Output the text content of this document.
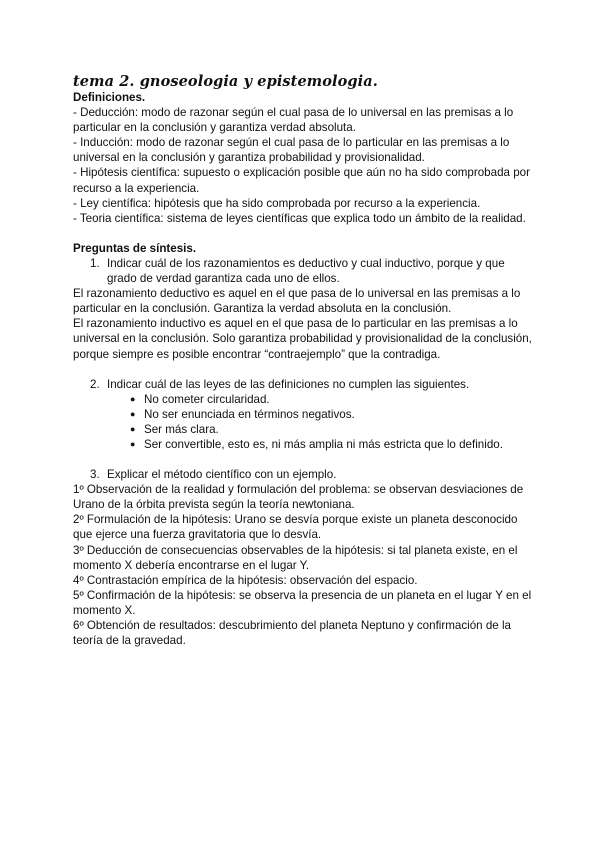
tema 2. gnoseologia y epistemologia.

Definiciones.

- Deducción: modo de razonar según el cual pasa de lo universal en las premisas a lo particular en la conclusión y garantiza verdad absoluta.

- Inducción: modo de razonar según el cual pasa de lo particular en las premisas a lo universal en la conclusión y garantiza probabilidad y provisionalidad.

- Hipótesis científica: supuesto o explicación posible que aún no ha sido comprobada por recurso a la experiencia.

- Ley científica: hipótesis que ha sido comprobada por recurso a la experiencia.

- Teoria científica: sistema de leyes científicas que explica todo un ámbito de la realidad.

Preguntas de síntesis.

1. Indicar cuál de los razonamientos es deductivo y cual inductivo, porque y que grado de verdad garantiza cada uno de ellos.

El razonamiento deductivo es aquel en el que pasa de lo universal en las premisas a lo particular en la conclusión. Garantiza la verdad absoluta en la conclusión.

El razonamiento inductivo es aquel en el que pasa de lo particular en las premisas a lo universal en la conclusión. Solo garantiza probabilidad y provisionalidad de la conclusión, porque siempre es posible encontrar “contraejemplo” que la contradiga.

2. Indicar cuál de las leyes de las definiciones no cumplen las siguientes.
● No cometer circularidad.
● No ser enunciada en términos negativos.
● Ser más clara.
● Ser convertible, esto es, ni más amplia ni más estricta que lo definido.
3. Explicar el método científico con un ejemplo.

1º Observación de la realidad y formulación del problema: se observan desviaciones de Urano de la órbita prevista según la teoría newtoniana.

2º Formulación de la hipótesis: Urano se desvía porque existe un planeta desconocido que ejerce una fuerza gravitatoria que lo desvía.

3º Deducción de consecuencias observables de la hipótesis: si tal planeta existe, en el momento X debería encontrarse en el lugar Y.

4º Contrastación empírica de la hipótesis: observación del espacio.

5º Confirmación de la hipótesis: se observa la presencia de un planeta en el lugar Y en el momento X.

6º Obtención de resultados: descubrimiento del planeta Neptuno y confirmación de la teoría de la gravedad.
